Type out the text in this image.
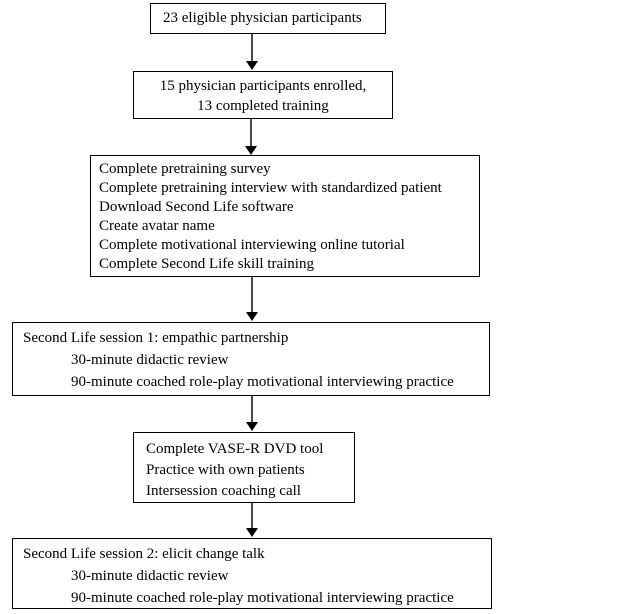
23 eligible physician participants
15 physician participants enrolled,
13 completed training
Complete pretraining survey
Complete pretraining interview with standardized patient
Download Second Life software
Create avatar name
Complete motivational interviewing online tutorial
Complete Second Life skill training
Second Life session 1: empathic partnership
30-minute didactic review
90-minute coached role-play motivational interviewing practice
Complete VASE-R DVD tool
Practice with own patients
Intersession coaching call
Second Life session 2: elicit change talk
30-minute didactic review
90-minute coached role-play motivational interviewing practice
